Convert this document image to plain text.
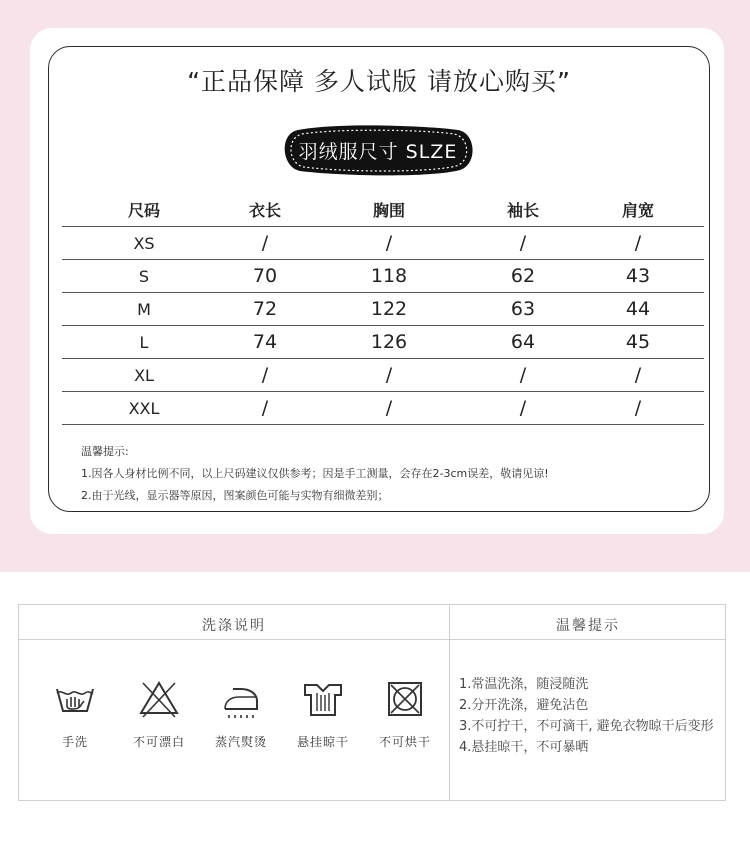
“正品保障 多人试版 请放心购买”
羽绒服尺寸 SLZE
尺码	衣长	胸围	袖长	肩宽
XS	/	/	/	/
S	70	118	62	43
M	72	122	63	44
L	74	126	64	45
XL	/	/	/	/
XXL	/	/	/	/
温馨提示:
1.因各人身材比例不同，以上尺码建议仅供参考；因是手工测量，会存在2-3cm误差，敬请见谅!
2.由于光线，显示器等原因，图案颜色可能与实物有细微差别；
洗涤说明	温馨提示
手洗	不可漂白	蒸汽熨烫	悬挂晾干	不可烘干
1.常温洗涤，随浸随洗
2.分开洗涤，避免沾色
3.不可拧干，不可滴干, 避免衣物晾干后变形
4.悬挂晾干，不可暴晒
